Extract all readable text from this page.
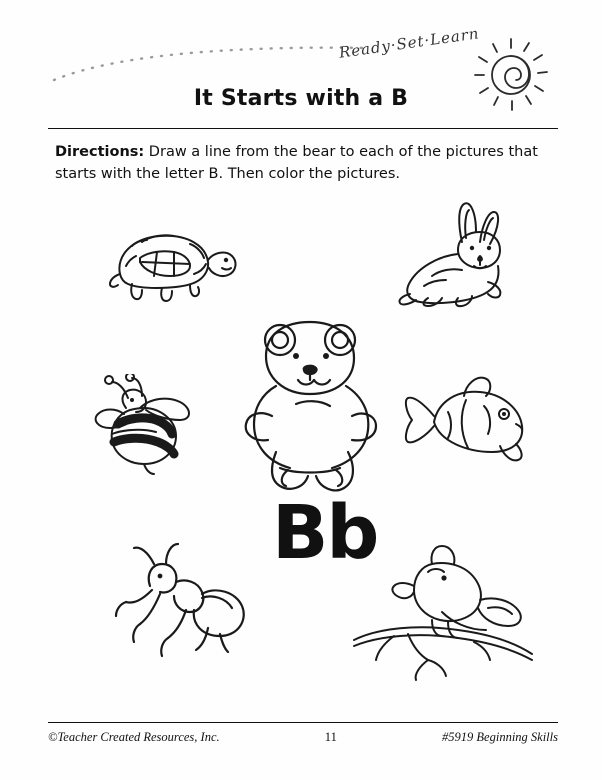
Ready·Set·Learn
It Starts with a B
Directions: Draw a line from the bear to each of the pictures that starts with the letter B. Then color the pictures.
Bb
©Teacher Created Resources, Inc.	11	#5919 Beginning Skills
